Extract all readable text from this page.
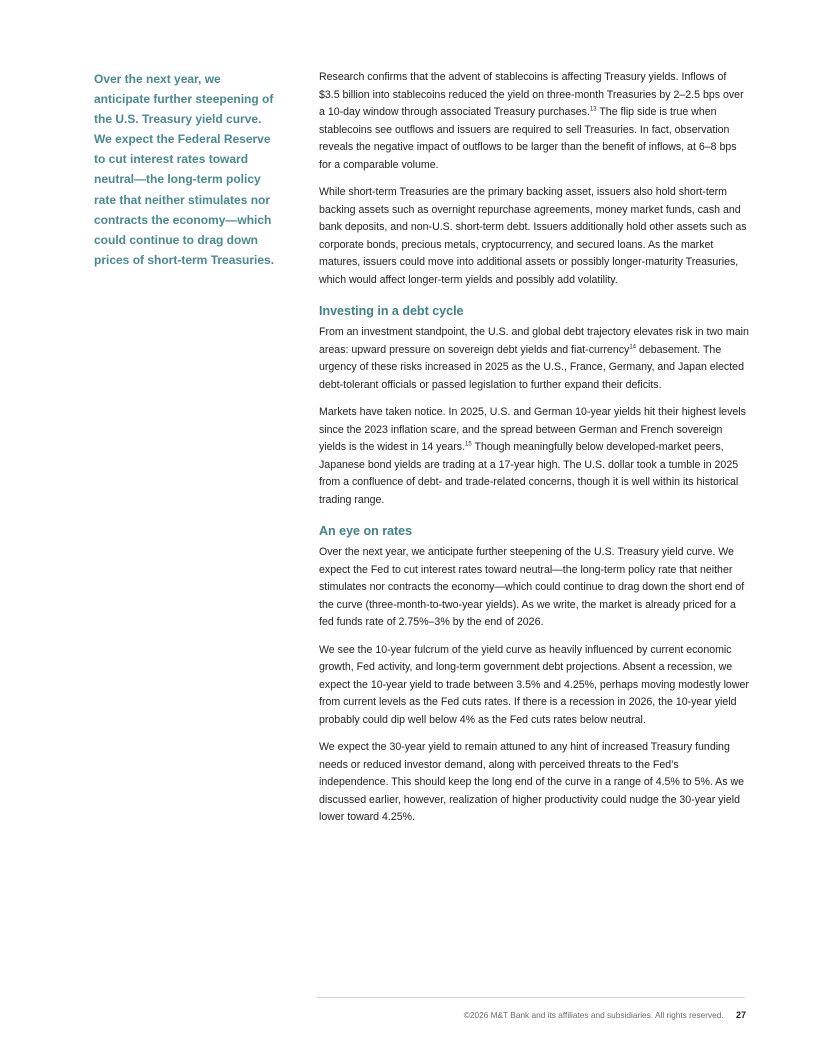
Over the next year, we anticipate further steepening of the U.S. Treasury yield curve. We expect the Federal Reserve to cut interest rates toward neutral—the long-term policy rate that neither stimulates nor contracts the economy—which could continue to drag down prices of short-term Treasuries.

Research confirms that the advent of stablecoins is affecting Treasury yields. Inflows of $3.5 billion into stablecoins reduced the yield on three-month Treasuries by 2–2.5 bps over a 10-day window through associated Treasury purchases.$^{13}$ The flip side is true when stablecoins see outflows and issuers are required to sell Treasuries. In fact, observation reveals the negative impact of outflows to be larger than the benefit of inflows, at 6–8 bps for a comparable volume.

While short-term Treasuries are the primary backing asset, issuers also hold short-term backing assets such as overnight repurchase agreements, money market funds, cash and bank deposits, and non-U.S. short-term debt. Issuers additionally hold other assets such as corporate bonds, precious metals, cryptocurrency, and secured loans. As the market matures, issuers could move into additional assets or possibly longer-maturity Treasuries, which would affect longer-term yields and possibly add volatility.

Investing in a debt cycle

From an investment standpoint, the U.S. and global debt trajectory elevates risk in two main areas: upward pressure on sovereign debt yields and fiat-currency$^{14}$ debasement. The urgency of these risks increased in 2025 as the U.S., France, Germany, and Japan elected debt-tolerant officials or passed legislation to further expand their deficits.

Markets have taken notice. In 2025, U.S. and German 10-year yields hit their highest levels since the 2023 inflation scare, and the spread between German and French sovereign yields is the widest in 14 years.$^{15}$ Though meaningfully below developed-market peers, Japanese bond yields are trading at a 17-year high. The U.S. dollar took a tumble in 2025 from a confluence of debt- and trade-related concerns, though it is well within its historical trading range.

An eye on rates

Over the next year, we anticipate further steepening of the U.S. Treasury yield curve. We expect the Fed to cut interest rates toward neutral—the long-term policy rate that neither stimulates nor contracts the economy—which could continue to drag down the short end of the curve (three-month-to-two-year yields). As we write, the market is already priced for a fed funds rate of 2.75%–3% by the end of 2026.

We see the 10-year fulcrum of the yield curve as heavily influenced by current economic growth, Fed activity, and long-term government debt projections. Absent a recession, we expect the 10-year yield to trade between 3.5% and 4.25%, perhaps moving modestly lower from current levels as the Fed cuts rates. If there is a recession in 2026, the 10-year yield probably could dip well below 4% as the Fed cuts rates below neutral.

We expect the 30-year yield to remain attuned to any hint of increased Treasury funding needs or reduced investor demand, along with perceived threats to the Fed’s independence. This should keep the long end of the curve in a range of 4.5% to 5%. As we discussed earlier, however, realization of higher productivity could nudge the 30-year yield lower toward 4.25%.

©2026 M&T Bank and its affiliates and subsidiaries. All rights reserved. 27
